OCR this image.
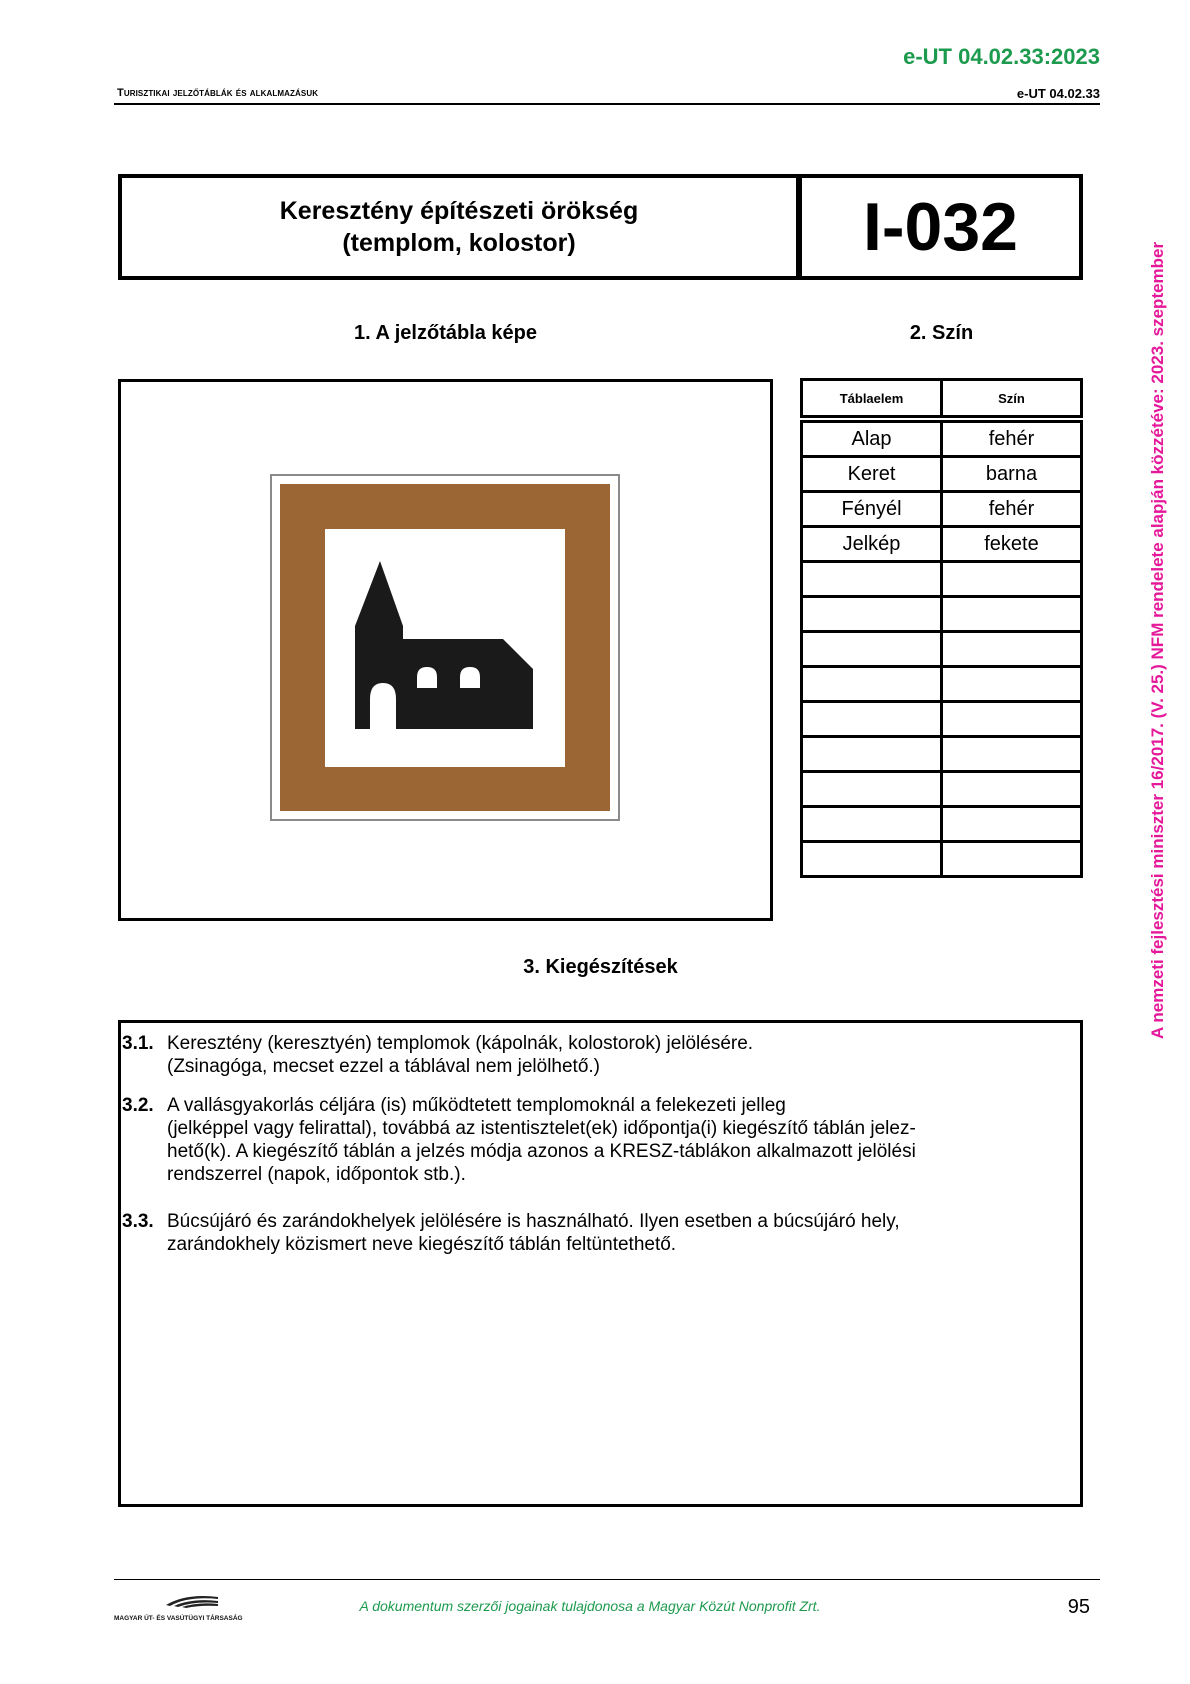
e-UT 04.02.33:2023
Turisztikai jelzőtáblák és alkalmazásuk	e-UT 04.02.33
A nemzeti fejlesztési miniszter 16/2017. (V. 25.) NFM rendelete alapján közzétéve: 2023. szeptember
Keresztény építészeti örökség
(templom, kolostor)	I-032
1. A jelzőtábla képe	2. Szín
Táblaelem	Szín

Alap	fehér
Keret	barna
Fényél	fehér
Jelkép	fekete

3. Kiegészítések
3.1. Keresztény (keresztyén) templomok (kápolnák, kolostorok) jelölésére.
(Zsinagóga, mecset ezzel a táblával nem jelölhető.)
3.2. A vallásgyakorlás céljára (is) működtetett templomoknál a felekezeti jelleg
(jelképpel vagy felirattal), továbbá az istentisztelet(ek) időpontja(i) kiegészítő táblán jelez-
hető(k). A kiegészítő táblán a jelzés módja azonos a KRESZ-táblákon alkalmazott jelölési
rendszerrel (napok, időpontok stb.).
3.3. Búcsújáró és zarándokhelyek jelölésére is használható. Ilyen esetben a búcsújáró hely,
zarándokhely közismert neve kiegészítő táblán feltüntethető.
MAGYAR ÚT- ÉS VASÚTÜGYI TÁRSASÁG
A dokumentum szerzői jogainak tulajdonosa a Magyar Közút Nonprofit Zrt.	95
